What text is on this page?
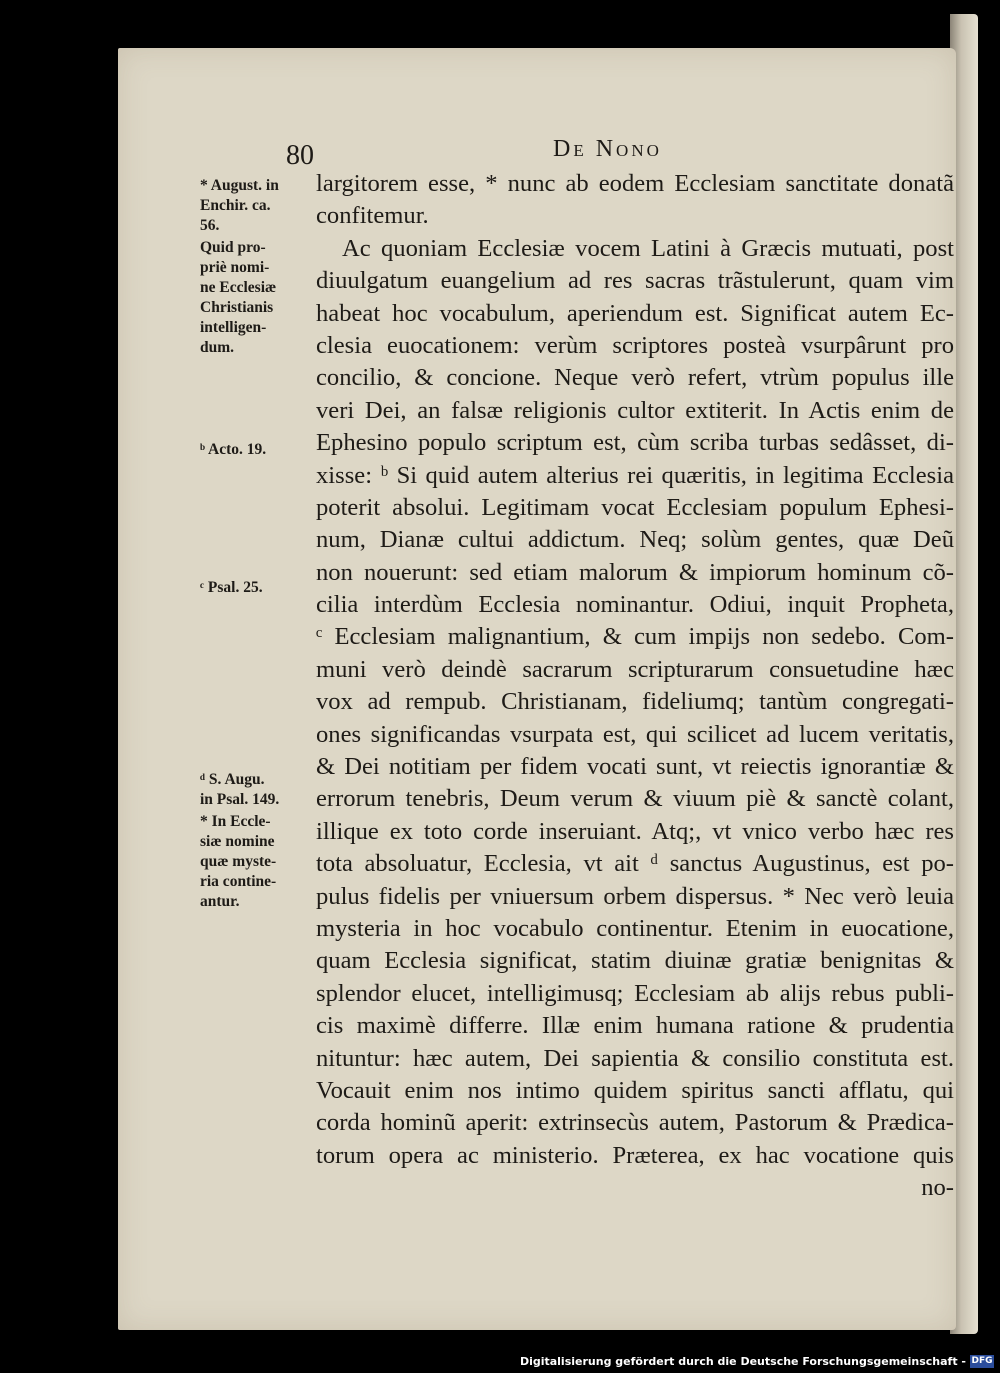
80	De Nono
largitorem esse, * nunc ab eodem Ecclesiam sanctitate donatã
confitemur.
Ac quoniam Ecclesiæ vocem Latini à Græcis mutuati, post
diuulgatum euangelium ad res sacras trãstulerunt, quam vim
habeat hoc vocabulum, aperiendum est. Significat autem Ec-
clesia euocationem: verùm scriptores posteà vsurpârunt pro
concilio, & concione. Neque verò refert, vtrùm populus ille
veri Dei, an falsæ religionis cultor extiterit. In Actis enim de
Ephesino populo scriptum est, cùm scriba turbas sedâsset, di-
xisse: ᵇ Si quid autem alterius rei quæritis, in legitima Ecclesia
poterit absolui. Legitimam vocat Ecclesiam populum Ephesi-
num, Dianæ cultui addictum. Neq; solùm gentes, quæ Deũ
non nouerunt: sed etiam malorum & impiorum hominum cõ-
cilia interdùm Ecclesia nominantur. Odiui, inquit Propheta,
ᶜ Ecclesiam malignantium, & cum impijs non sedebo. Com-
muni verò deindè sacrarum scripturarum consuetudine hæc
vox ad rempub. Christianam, fideliumq; tantùm congregati-
ones significandas vsurpata est, qui scilicet ad lucem veritatis,
& Dei notitiam per fidem vocati sunt, vt reiectis ignorantiæ &
errorum tenebris, Deum verum & viuum piè & sanctè colant,
illique ex toto corde inseruiant. Atq;, vt vnico verbo hæc res
tota absoluatur, Ecclesia, vt ait ᵈ sanctus Augustinus, est po-
pulus fidelis per vniuersum orbem dispersus. * Nec verò leuia
mysteria in hoc vocabulo continentur. Etenim in euocatione,
quam Ecclesia significat, statim diuinæ gratiæ benignitas &
splendor elucet, intelligimusq; Ecclesiam ab alijs rebus publi-
cis maximè differre. Illæ enim humana ratione & prudentia
nituntur: hæc autem, Dei sapientia & consilio constituta est.
Vocauit enim nos intimo quidem spiritus sancti afflatu, qui
corda hominũ aperit: extrinsecùs autem, Pastorum & Prædica-
torum opera ac ministerio. Præterea, ex hac vocatione quis
no-
* August. in
Enchir. ca.
56.
Quid pro-
priè nomi-
ne Ecclesiæ
Christianis
intelligen-
dum.
ᵇ Acto. 19.
ᶜ Psal. 25.
ᵈ S. Augu.
in Psal. 149.
* In Eccle-
siæ nomine
quæ myste-
ria contine-
antur.
Digitalisierung gefördert durch die Deutsche Forschungsgemeinschaft - DFG
